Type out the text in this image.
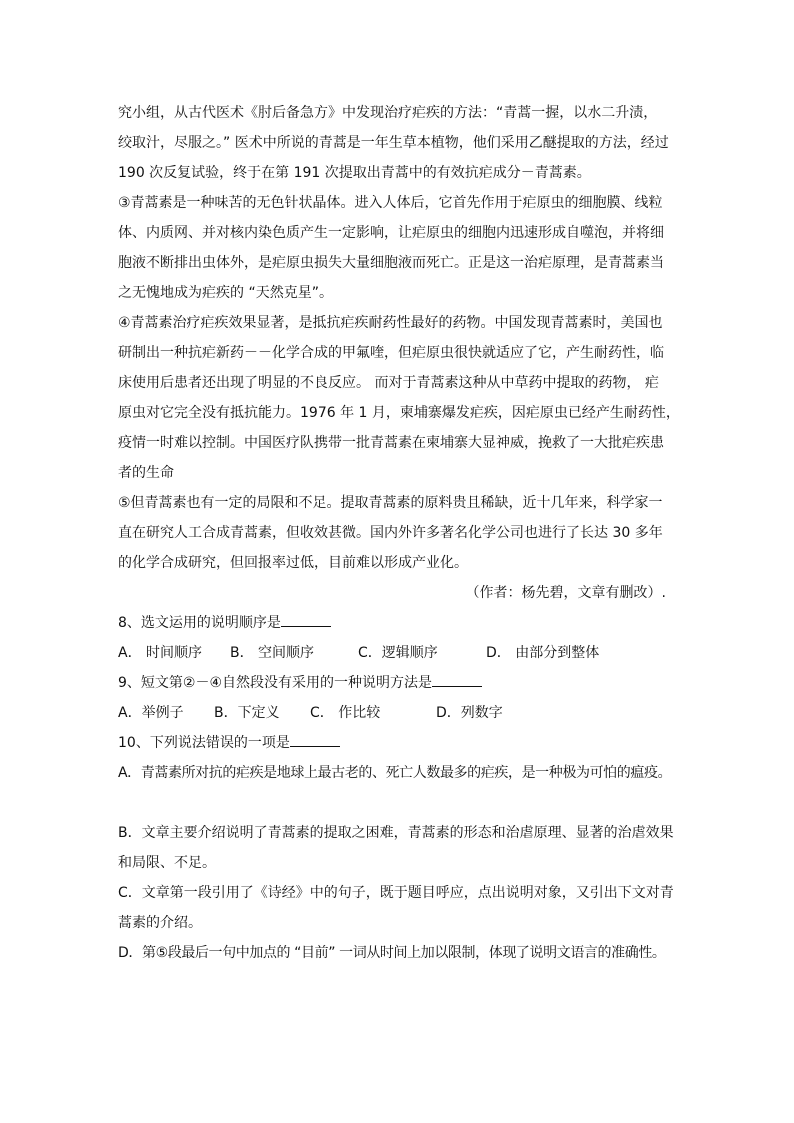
究小组，从古代医术《肘后备急方》中发现治疗疟疾的方法：“青蒿一握，以水二升渍，
绞取汁，尽服之。” 医术中所说的青蒿是一年生草本植物，他们采用乙醚提取的方法，经过
190 次反复试验，终于在第 191 次提取出青蒿中的有效抗疟成分－青蒿素。
③青蒿素是一种味苦的无色针状晶体。进入人体后，它首先作用于疟原虫的细胞膜、线粒
体、内质网、并对核内染色质产生一定影响，让疟原虫的细胞内迅速形成自噬泡，并将细
胞液不断排出虫体外，是疟原虫损失大量细胞液而死亡。正是这一治疟原理，是青蒿素当
之无愧地成为疟疾的 “天然克星”。
④青蒿素治疗疟疾效果显著，是抵抗疟疾耐药性最好的药物。中国发现青蒿素时，美国也
研制出一种抗疟新药－－化学合成的甲氟喹，但疟原虫很快就适应了它，产生耐药性，临
床使用后患者还出现了明显的不良反应。 而对于青蒿素这种从中草药中提取的药物， 疟
原虫对它完全没有抵抗能力。1976 年 1 月，柬埔寨爆发疟疾，因疟原虫已经产生耐药性，
疫情一时难以控制。中国医疗队携带一批青蒿素在柬埔寨大显神威，挽救了一大批疟疾患
者的生命
⑤但青蒿素也有一定的局限和不足。提取青蒿素的原料贵且稀缺，近十几年来，科学家一
直在研究人工合成青蒿素，但收效甚微。国内外许多著名化学公司也进行了长达 30 多年
的化学合成研究，但回报率过低，目前难以形成产业化。
（作者：杨先碧，文章有删改）.
8、选文运用的说明顺序是
A． 时间顺序 B． 空间顺序	C．逻辑顺序	D． 由部分到整体
9、短文第②－④自然段没有采用的一种说明方法是
A．举例子 B．下定义 C． 作比较	D．列数字
10、下列说法错误的一项是
A．青蒿素所对抗的疟疾是地球上最古老的、死亡人数最多的疟疾，是一种极为可怕的瘟疫。
B．文章主要介绍说明了青蒿素的提取之困难，青蒿素的形态和治虐原理、显著的治虐效果
和局限、不足。
C．文章第一段引用了《诗经》中的句子，既于题目呼应，点出说明对象，又引出下文对青
蒿素的介绍。
D．第⑤段最后一句中加点的 “目前” 一词从时间上加以限制，体现了说明文语言的准确性。
